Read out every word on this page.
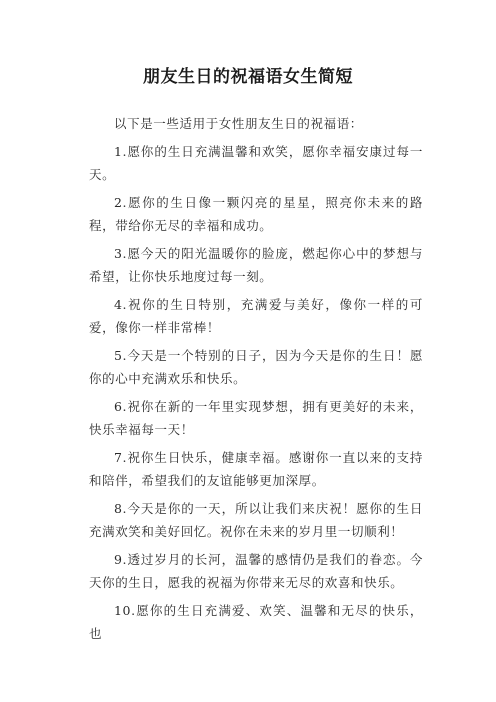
朋友生日的祝福语女生简短

以下是一些适用于女性朋友生日的祝福语：

1.愿你的生日充满温馨和欢笑，愿你幸福安康过每一天。

2.愿你的生日像一颗闪亮的星星，照亮你未来的路程，带给你无尽的幸福和成功。

3.愿今天的阳光温暖你的脸庞，燃起你心中的梦想与希望，让你快乐地度过每一刻。

4.祝你的生日特别，充满爱与美好，像你一样的可爱，像你一样非常棒！

5.今天是一个特别的日子，因为今天是你的生日！愿你的心中充满欢乐和快乐。

6.祝你在新的一年里实现梦想，拥有更美好的未来，快乐幸福每一天！

7.祝你生日快乐，健康幸福。感谢你一直以来的支持和陪伴，希望我们的友谊能够更加深厚。

8.今天是你的一天，所以让我们来庆祝！愿你的生日充满欢笑和美好回忆。祝你在未来的岁月里一切顺利！

9.透过岁月的长河，温馨的感情仍是我们的眷恋。今天你的生日，愿我的祝福为你带来无尽的欢喜和快乐。

10.愿你的生日充满爱、欢笑、温馨和无尽的快乐，也
